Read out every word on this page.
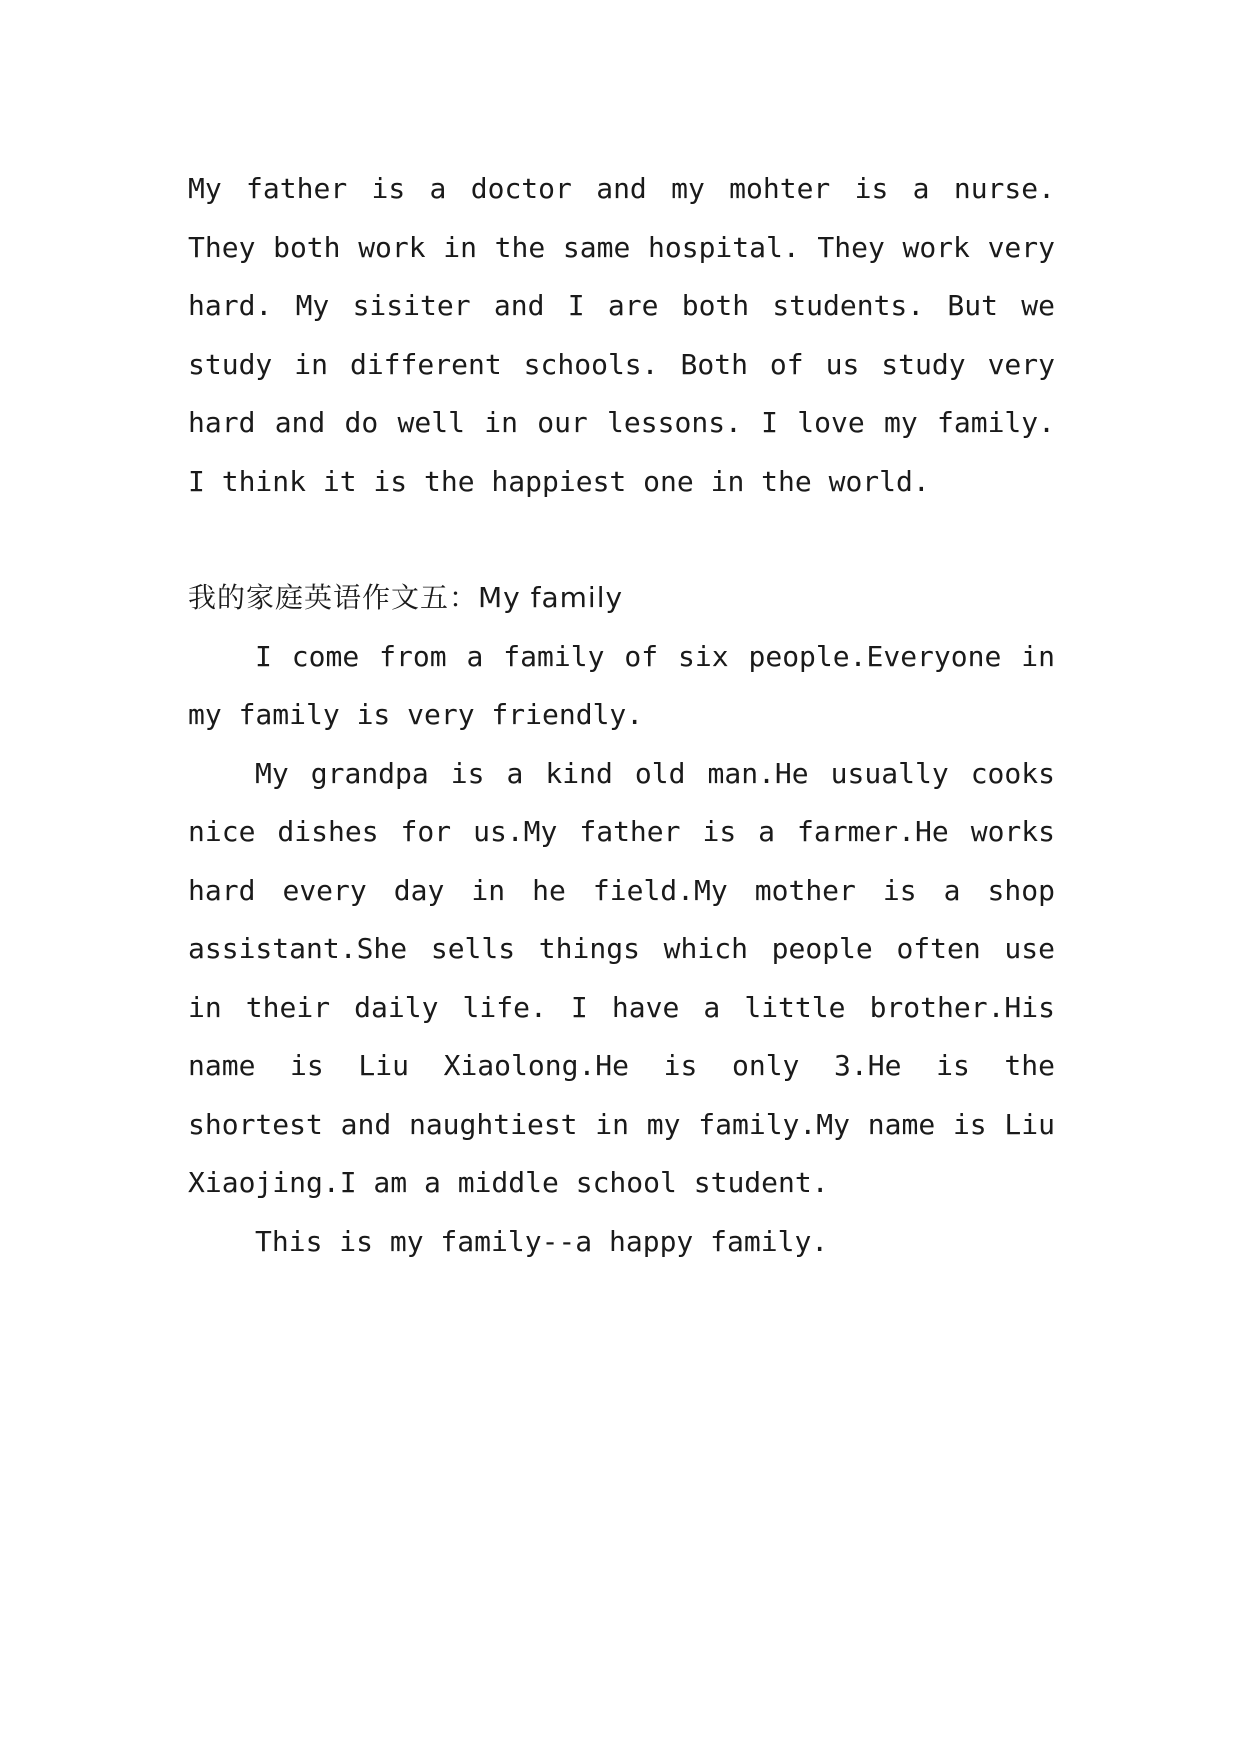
My father is a doctor and my mohter is a nurse. They both work in the same hospital. They work very hard. My sisiter and I are both students. But we study in different schools. Both of us study very hard and do well in our lessons. I love my family. I think it is the happiest one in the world.

我的家庭英语作文五：My family

I come from a family of six people.Everyone in my family is very friendly.

My grandpa is a kind old man.He usually cooks nice dishes for us.My father is a farmer.He works hard every day in he field.My mother is a shop assistant.She sells things which people often use in their daily life. I have a little brother.His name is Liu Xiaolong.He is only 3.He is the shortest and naughtiest in my family.My name is Liu Xiaojing.I am a middle school student.

This is my family--a happy family.
